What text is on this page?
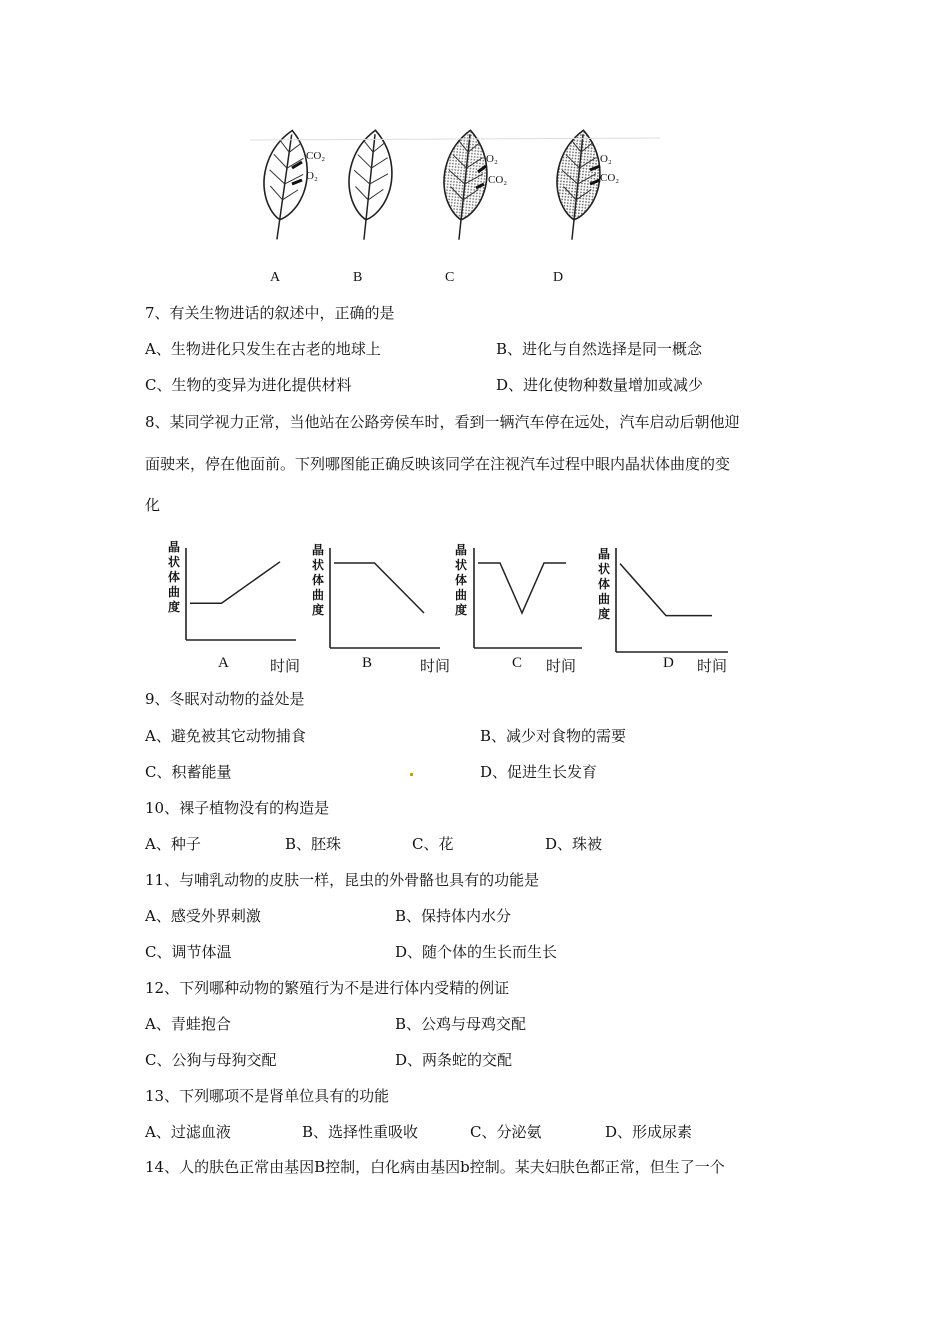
CO₂
O₂
O₂
CO₂
O₂
CO₂
A	B	C	D
7、有关生物进话的叙述中，正确的是
A、生物进化只发生在古老的地球上	B、进化与自然选择是同一概念
C、生物的变异为进化提供材料	D、进化使物种数量增加或减少
8、某同学视力正常，当他站在公路旁侯车时，看到一辆汽车停在远处，汽车启动后朝他迎
面驶来，停在他面前。下列哪图能正确反映该同学在注视汽车过程中眼内晶状体曲度的变
化
晶
状
体
曲
度
晶
状
体
曲
度
晶
状
体
曲
度
晶
状
体
曲
度
A	时间	B	时间	C 时间	D 时间
9、冬眠对动物的益处是
A、避免被其它动物捕食	B、减少对食物的需要
C、积蓄能量	D、促进生长发育
10、裸子植物没有的构造是
A、种子	B、胚珠	C、花	D、珠被
11、与哺乳动物的皮肤一样，昆虫的外骨骼也具有的功能是
A、感受外界刺激	B、保持体内水分
C、调节体温	D、随个体的生长而生长
12、下列哪种动物的繁殖行为不是进行体内受精的例证
A、青蛙抱合	B、公鸡与母鸡交配
C、公狗与母狗交配	D、两条蛇的交配
13、下列哪项不是肾单位具有的功能
A、过滤血液	B、选择性重吸收	C、分泌氨	D、形成尿素
14、人的肤色正常由基因B控制，白化病由基因b控制。某夫妇肤色都正常，但生了一个
